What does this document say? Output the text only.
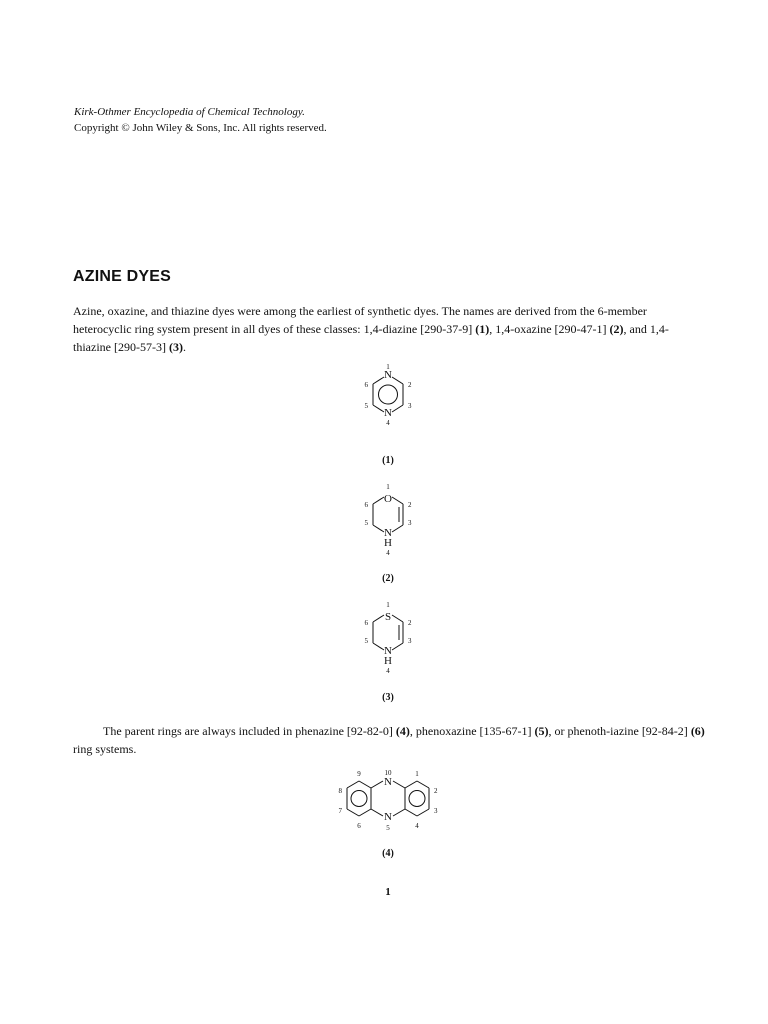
Kirk-Othmer Encyclopedia of Chemical Technology.
Copyright © John Wiley & Sons, Inc. All rights reserved.
AZINE DYES

Azine, oxazine, and thiazine dyes were among the earliest of synthetic dyes. The names are derived from the 6-member heterocyclic ring system present in all dyes of these classes: 1,4-diazine [290-37-9] (1), 1,4-oxazine [290-47-1] (2), and 1,4-thiazine [290-57-3] (3).

N
N
1
2
3
4
5
6
(1)
O
N
H
1
2
3
4
5
6
(2)
S
N
H
1
2
3
4
5
6
(3)

The parent rings are always included in phenazine [92-82-0] (4), phenoxazine [135-67-1] (5), or phenoth-iazine [92-84-2] (6) ring systems.

N
N
10	1
2
3
4
5
6
7
8
9
(4)
1
